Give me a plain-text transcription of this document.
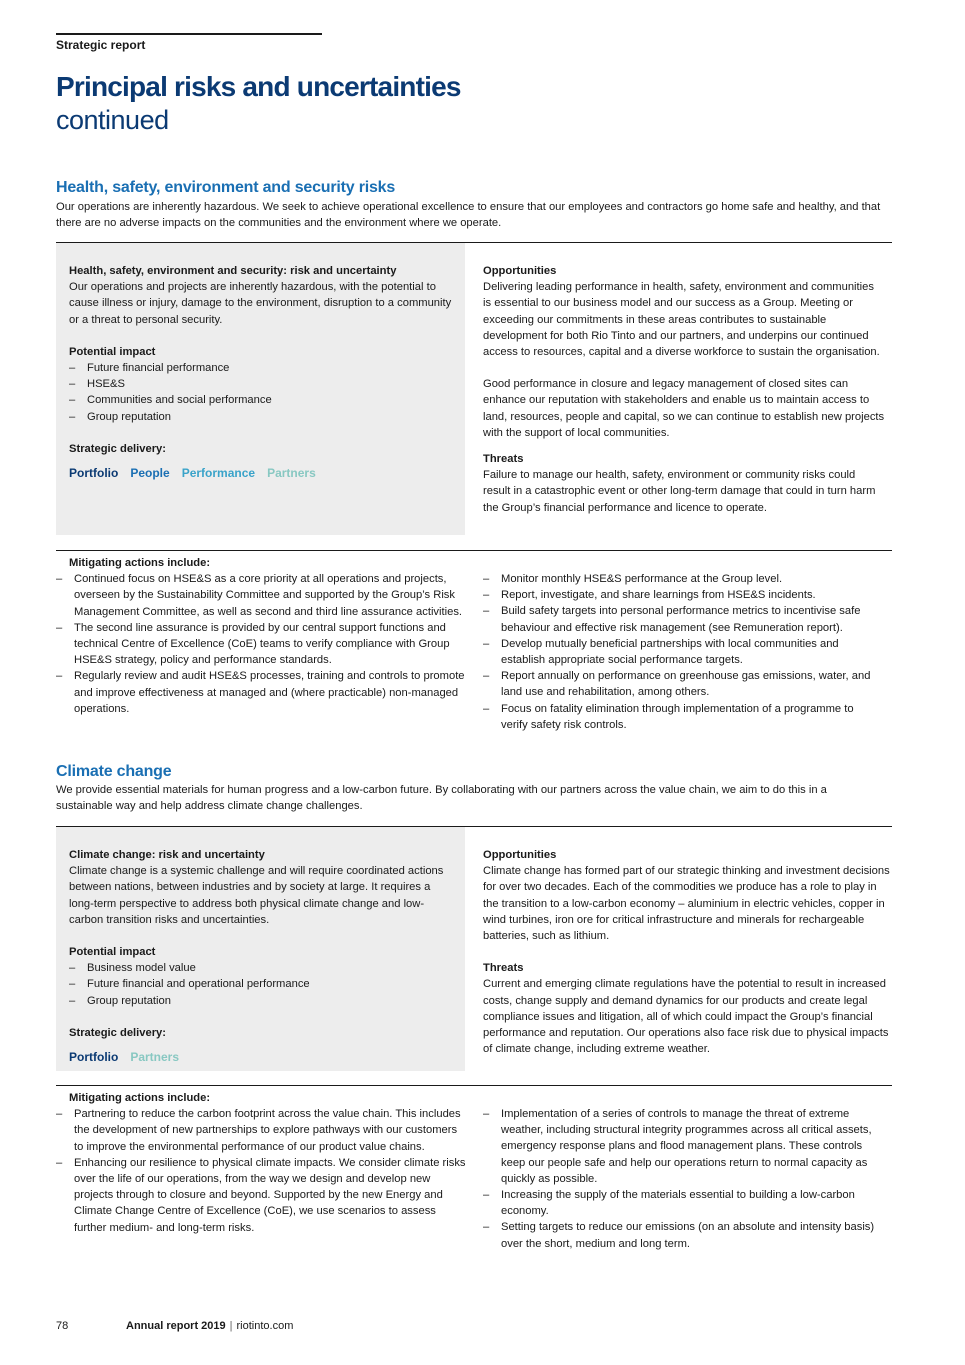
Strategic report
Principal risks and uncertainties
continued
Health, safety, environment and security risks

Our operations are inherently hazardous. We seek to achieve operational excellence to ensure that our employees and contractors go home safe and healthy, and that there are no adverse impacts on the communities and the environment where we operate.

Health, safety, environment and security: risk and uncertainty

Our operations and projects are inherently hazardous, with the potential to cause illness or injury, damage to the environment, disruption to a community or a threat to personal security.

Potential impact

– Future financial performance
– HSE&S
– Communities and social performance
– Group reputation

Strategic delivery:

Portfolio People Performance Partners

Opportunities

Delivering leading performance in health, safety, environment and communities is essential to our business model and our success as a Group. Meeting or exceeding our commitments in these areas contributes to sustainable development for both Rio Tinto and our partners, and underpins our continued access to resources, capital and a diverse workforce to sustain the organisation.

Good performance in closure and legacy management of closed sites can enhance our reputation with stakeholders and enable us to maintain access to land, resources, people and capital, so we can continue to establish new projects with the support of local communities.

Threats

Failure to manage our health, safety, environment or community risks could result in a catastrophic event or other long-term damage that could in turn harm the Group’s financial performance and licence to operate.

Mitigating actions include:

– Continued focus on HSE&S as a core priority at all operations and projects, overseen by the Sustainability Committee and supported by the Group’s Risk Management Committee, as well as second and third line assurance activities.
– The second line assurance is provided by our central support functions and technical Centre of Excellence (CoE) teams to verify compliance with Group HSE&S strategy, policy and performance standards.
– Regularly review and audit HSE&S processes, training and controls to promote and improve effectiveness at managed and (where practicable) non-managed operations.
– Monitor monthly HSE&S performance at the Group level.
– Report, investigate, and share learnings from HSE&S incidents.
– Build safety targets into personal performance metrics to incentivise safe behaviour and effective risk management (see Remuneration report).
– Develop mutually beneficial partnerships with local communities and establish appropriate social performance targets.
– Report annually on performance on greenhouse gas emissions, water, and land use and rehabilitation, among others.
– Focus on fatality elimination through implementation of a programme to verify safety risk controls.
Climate change

We provide essential materials for human progress and a low-carbon future. By collaborating with our partners across the value chain, we aim to do this in a sustainable way and help address climate change challenges.

Climate change: risk and uncertainty

Climate change is a systemic challenge and will require coordinated actions between nations, between industries and by society at large. It requires a long-term perspective to address both physical climate change and low-carbon transition risks and uncertainties.

Potential impact

– Business model value
– Future financial and operational performance
– Group reputation

Strategic delivery:

Portfolio Partners

Opportunities

Climate change has formed part of our strategic thinking and investment decisions for over two decades. Each of the commodities we produce has a role to play in the transition to a low-carbon economy – aluminium in electric vehicles, copper in wind turbines, iron ore for critical infrastructure and minerals for rechargeable batteries, such as lithium.

Threats

Current and emerging climate regulations have the potential to result in increased costs, change supply and demand dynamics for our products and create legal compliance issues and litigation, all of which could impact the Group’s financial performance and reputation. Our operations also face risk due to physical impacts of climate change, including extreme weather.

Mitigating actions include:

– Partnering to reduce the carbon footprint across the value chain. This includes the development of new partnerships to explore pathways with our customers to improve the environmental performance of our product value chains.
– Enhancing our resilience to physical climate impacts. We consider climate risks over the life of our operations, from the way we design and develop new projects through to closure and beyond. Supported by the new Energy and Climate Change Centre of Excellence (CoE), we use scenarios to assess further medium- and long-term risks.
– Implementation of a series of controls to manage the threat of extreme weather, including structural integrity programmes across all critical assets, emergency response plans and flood management plans. These controls keep our people safe and help our operations return to normal capacity as quickly as possible.
– Increasing the supply of the materials essential to building a low-carbon economy.
– Setting targets to reduce our emissions (on an absolute and intensity basis) over the short, medium and long term.
78	Annual report 2019 | riotinto.com
